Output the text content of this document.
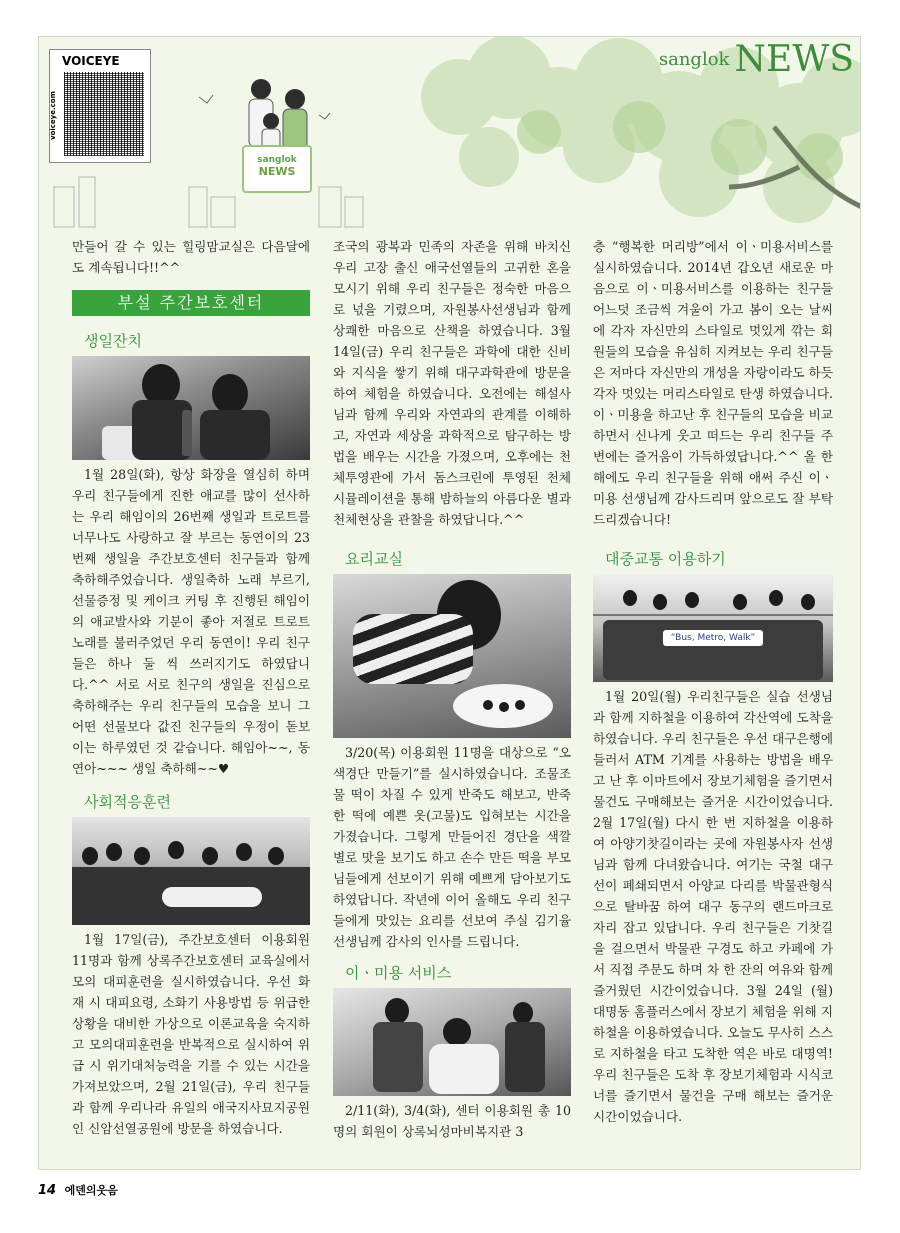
voiceye.com
VOICEYE	sanglok NEWS
sanglok
NEWS

만들어 갈 수 있는 힐링맘교실은 다음달에도 계속됩니다!!^^

부설 주간보호센터
생일잔치

1월 28일(화), 항상 화장을 열심히 하며 우리 친구들에게 진한 애교를 많이 선사하는 우리 해임이의 26번째 생일과 트로트를 너무나도 사랑하고 잘 부르는 동연이의 23번째 생일을 주간보호센터 친구들과 함께 축하해주었습니다. 생일축하 노래 부르기, 선물증정 및 케이크 커팅 후 진행된 해임이의 애교발사와 기분이 좋아 저절로 트로트 노래를 불러주었던 우리 동연이! 우리 친구들은 하나 둘 씩 쓰러지기도 하였답니다.^^ 서로 서로 친구의 생일을 진심으로 축하해주는 우리 친구들의 모습을 보니 그 어떤 선물보다 값진 친구들의 우정이 돋보이는 하루였던 것 같습니다. 해임아~~, 동연아~~~ 생일 축하해~~♥

사회적응훈련

1월 17일(금), 주간보호센터 이용회원 11명과 함께 상록주간보호센터 교육실에서 모의 대피훈련을 실시하였습니다. 우선 화재 시 대피요령, 소화기 사용방법 등 위급한 상황을 대비한 가상으로 이론교육을 숙지하고 모의대피훈련을 반복적으로 실시하여 위급 시 위기대처능력을 기를 수 있는 시간을 가져보았으며, 2월 21일(금), 우리 친구들과 함께 우리나라 유일의 애국지사묘지공원인 신암선열공원에 방문을 하였습니다.

조국의 광복과 민족의 자존을 위해 바치신 우리 고장 출신 애국선열들의 고귀한 혼을 모시기 위해 우리 친구들은 정숙한 마음으로 넋을 기렸으며, 자원봉사선생님과 함께 상쾌한 마음으로 산책을 하였습니다. 3월 14일(금) 우리 친구들은 과학에 대한 신비와 지식을 쌓기 위해 대구과학관에 방문을 하여 체험을 하였습니다. 오전에는 해설사님과 함께 우리와 자연과의 관계를 이해하고, 자연과 세상을 과학적으로 탐구하는 방법을 배우는 시간을 가졌으며, 오후에는 천체투영관에 가서 돔스크린에 투영된 천체 시뮬레이션을 통해 밤하늘의 아름다운 별과 천체현상을 관찰을 하였답니다.^^

요리교실

3/20(목) 이용회원 11명을 대상으로 “오색경단 만들기”를 실시하였습니다. 조물조물 떡이 차질 수 있게 반죽도 해보고, 반죽한 떡에 예쁜 옷(고물)도 입혀보는 시간을 가졌습니다. 그렇게 만들어진 경단을 색깔별로 맛을 보기도 하고 손수 만든 떡을 부모님들에게 선보이기 위해 예쁘게 담아보기도 하였답니다. 작년에 이어 올해도 우리 친구들에게 맛있는 요리를 선보여 주실 김기율 선생님께 감사의 인사를 드립니다.

이ㆍ미용 서비스

2/11(화), 3/4(화), 센터 이용회원 총 10명의 회원이 상록뇌성마비복지관 3

층 “행복한 머리방”에서 이ㆍ미용서비스를 실시하였습니다. 2014년 갑오년 새로운 마음으로 이ㆍ미용서비스를 이용하는 친구들 어느덧 조금씩 겨울이 가고 봄이 오는 날씨에 각자 자신만의 스타일로 멋있게 깎는 회원들의 모습을 유심히 지켜보는 우리 친구들은 저마다 자신만의 개성을 자랑이라도 하듯 각자 멋있는 머리스타일로 탄생 하였습니다. 이ㆍ미용을 하고난 후 친구들의 모습을 비교하면서 신나게 웃고 떠드는 우리 친구들 주변에는 즐거움이 가득하였답니다.^^ 올 한해에도 우리 친구들을 위해 애써 주신 이ㆍ미용 선생님께 감사드리며 앞으로도 잘 부탁드리겠습니다!

대중교통 이용하기
“Bus, Metro, Walk”

1월 20일(월) 우리친구들은 실습 선생님과 함께 지하철을 이용하여 각산역에 도착을 하였습니다. 우리 친구들은 우선 대구은행에 들러서 ATM 기계를 사용하는 방법을 배우고 난 후 이마트에서 장보기체험을 즐기면서 물건도 구매해보는 즐거운 시간이었습니다. 2월 17일(월) 다시 한 번 지하철을 이용하여 아양기찻길이라는 곳에 자원봉사자 선생님과 함께 다녀왔습니다. 여기는 국철 대구선이 폐쇄되면서 아양교 다리를 박물관형식으로 탈바꿈 하여 대구 동구의 랜드마크로 자리 잡고 있답니다. 우리 친구들은 기찻길을 걸으면서 박물관 구경도 하고 카페에 가서 직접 주문도 하며 차 한 잔의 여유와 함께 즐거웠던 시간이었습니다. 3월 24일 (월) 대명동 홈플러스에서 장보기 체험을 위해 지하철을 이용하였습니다. 오늘도 무사히 스스로 지하철을 타고 도착한 역은 바로 대명역! 우리 친구들은 도착 후 장보기체험과 시식코너를 즐기면서 물건을 구매 해보는 즐거운 시간이었습니다.

14 에덴의웃음
